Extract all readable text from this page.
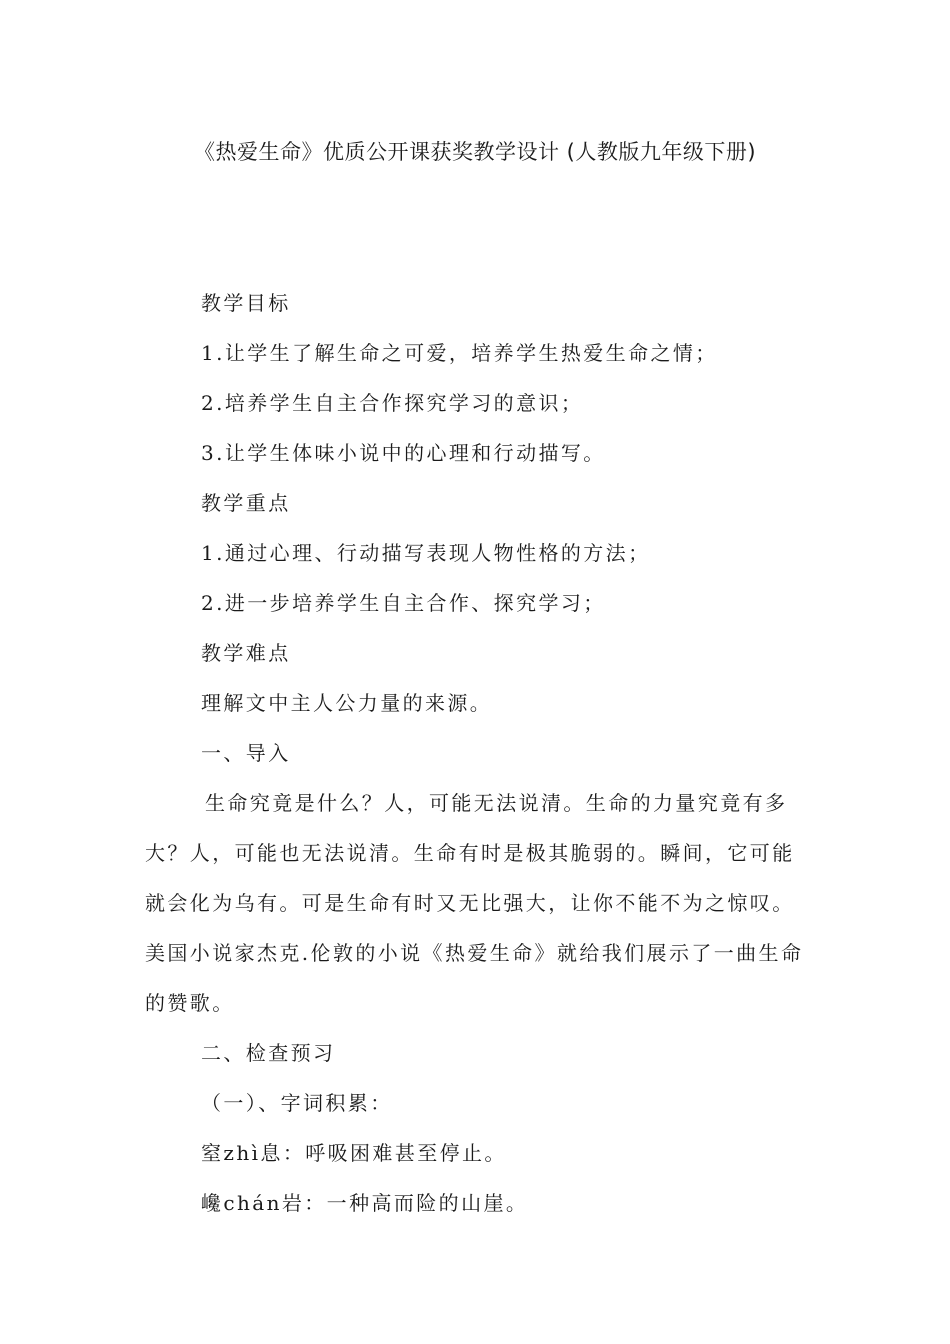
《热爱生命》优质公开课获奖教学设计 (人教版九年级下册)

教学目标

1.让学生了解生命之可爱，培养学生热爱生命之情；

2.培养学生自主合作探究学习的意识；

3.让学生体味小说中的心理和行动描写。

教学重点

1.通过心理、行动描写表现人物性格的方法；

2.进一步培养学生自主合作、探究学习；

教学难点

理解文中主人公力量的来源。

一、导入

生命究竟是什么？人，可能无法说清。生命的力量究竟有多

大？人，可能也无法说清。生命有时是极其脆弱的。瞬间，它可能

就会化为乌有。可是生命有时又无比强大，让你不能不为之惊叹。

美国小说家杰克.伦敦的小说《热爱生命》就给我们展示了一曲生命

的赞歌。

二、检查预习

（一）、字词积累：

窒zhì息：呼吸困难甚至停止。

巉chán岩：一种高而险的山崖。
